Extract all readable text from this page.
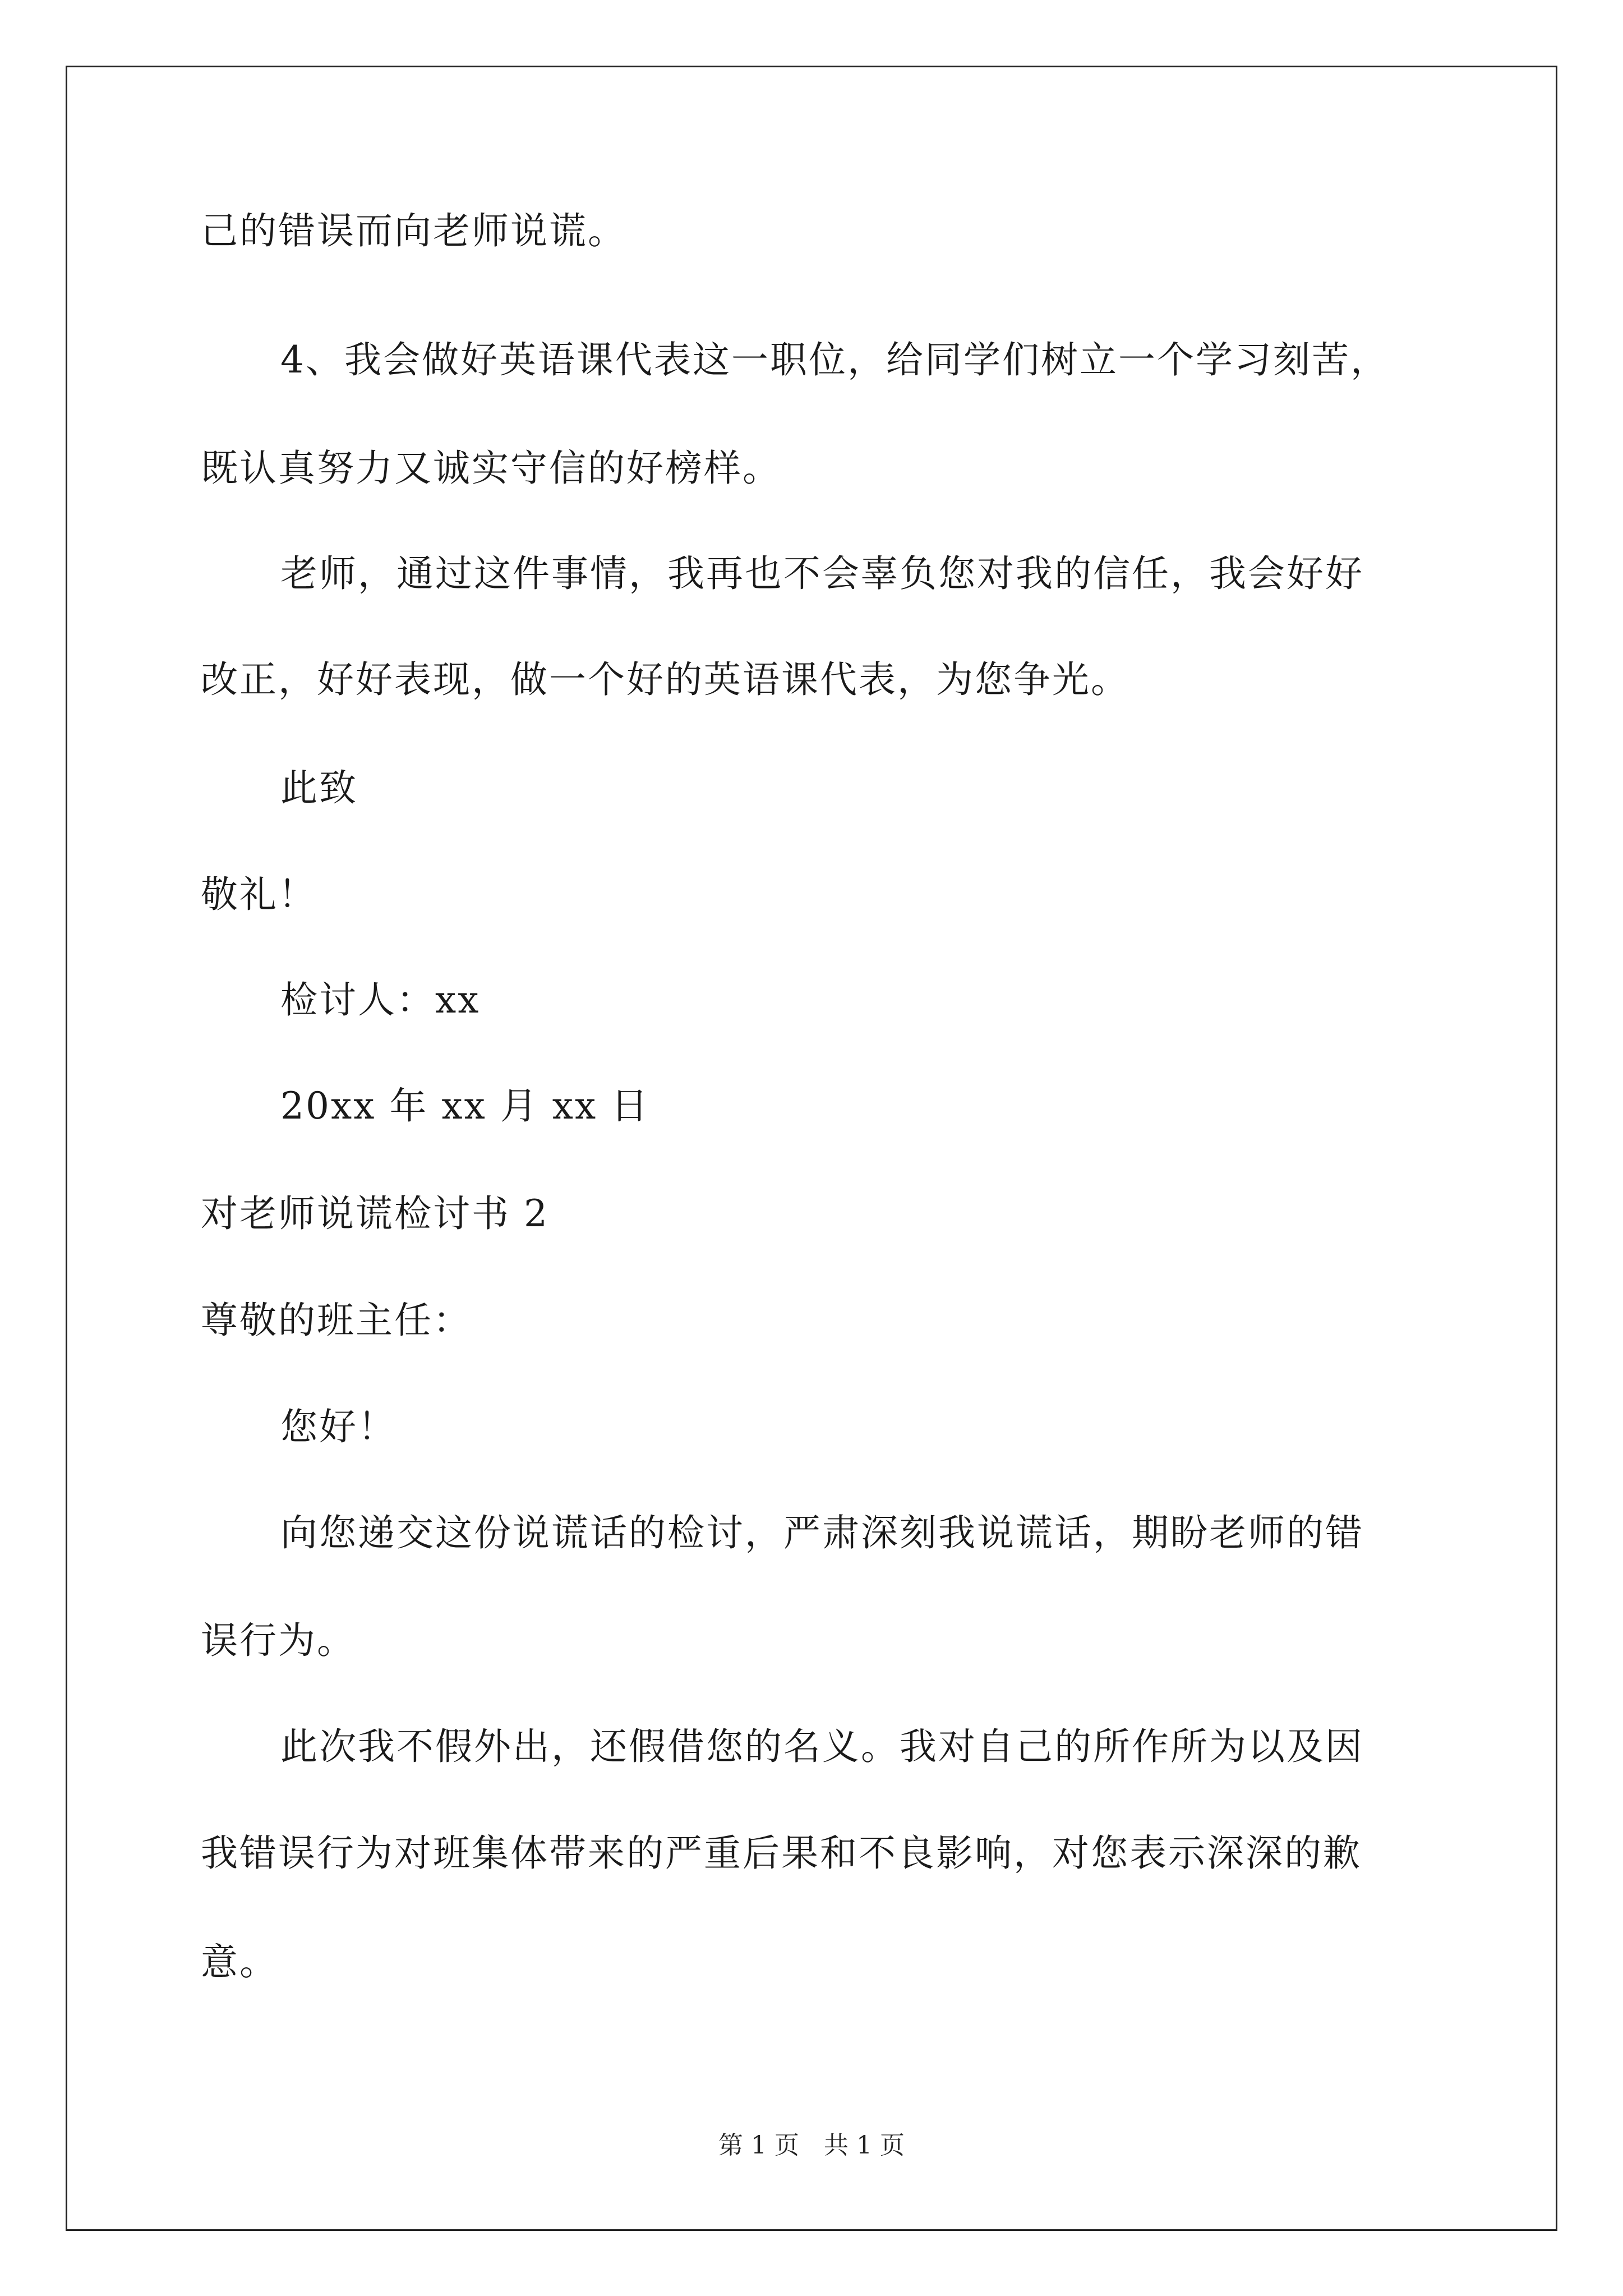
己的错误而向老师说谎。
4、我会做好英语课代表这一职位，给同学们树立一个学习刻苦，
既认真努力又诚实守信的好榜样。
老师，通过这件事情，我再也不会辜负您对我的信任，我会好好
改正，好好表现，做一个好的英语课代表，为您争光。
此致
敬礼！
检讨人：xx
20xx 年 xx 月 xx 日
对老师说谎检讨书 2
尊敬的班主任：
您好！
向您递交这份说谎话的检讨，严肃深刻我说谎话，期盼老师的错
误行为。
此次我不假外出，还假借您的名义。我对自己的所作所为以及因
我错误行为对班集体带来的严重后果和不良影响，对您表示深深的歉
意。
第 1 页　共 1 页
